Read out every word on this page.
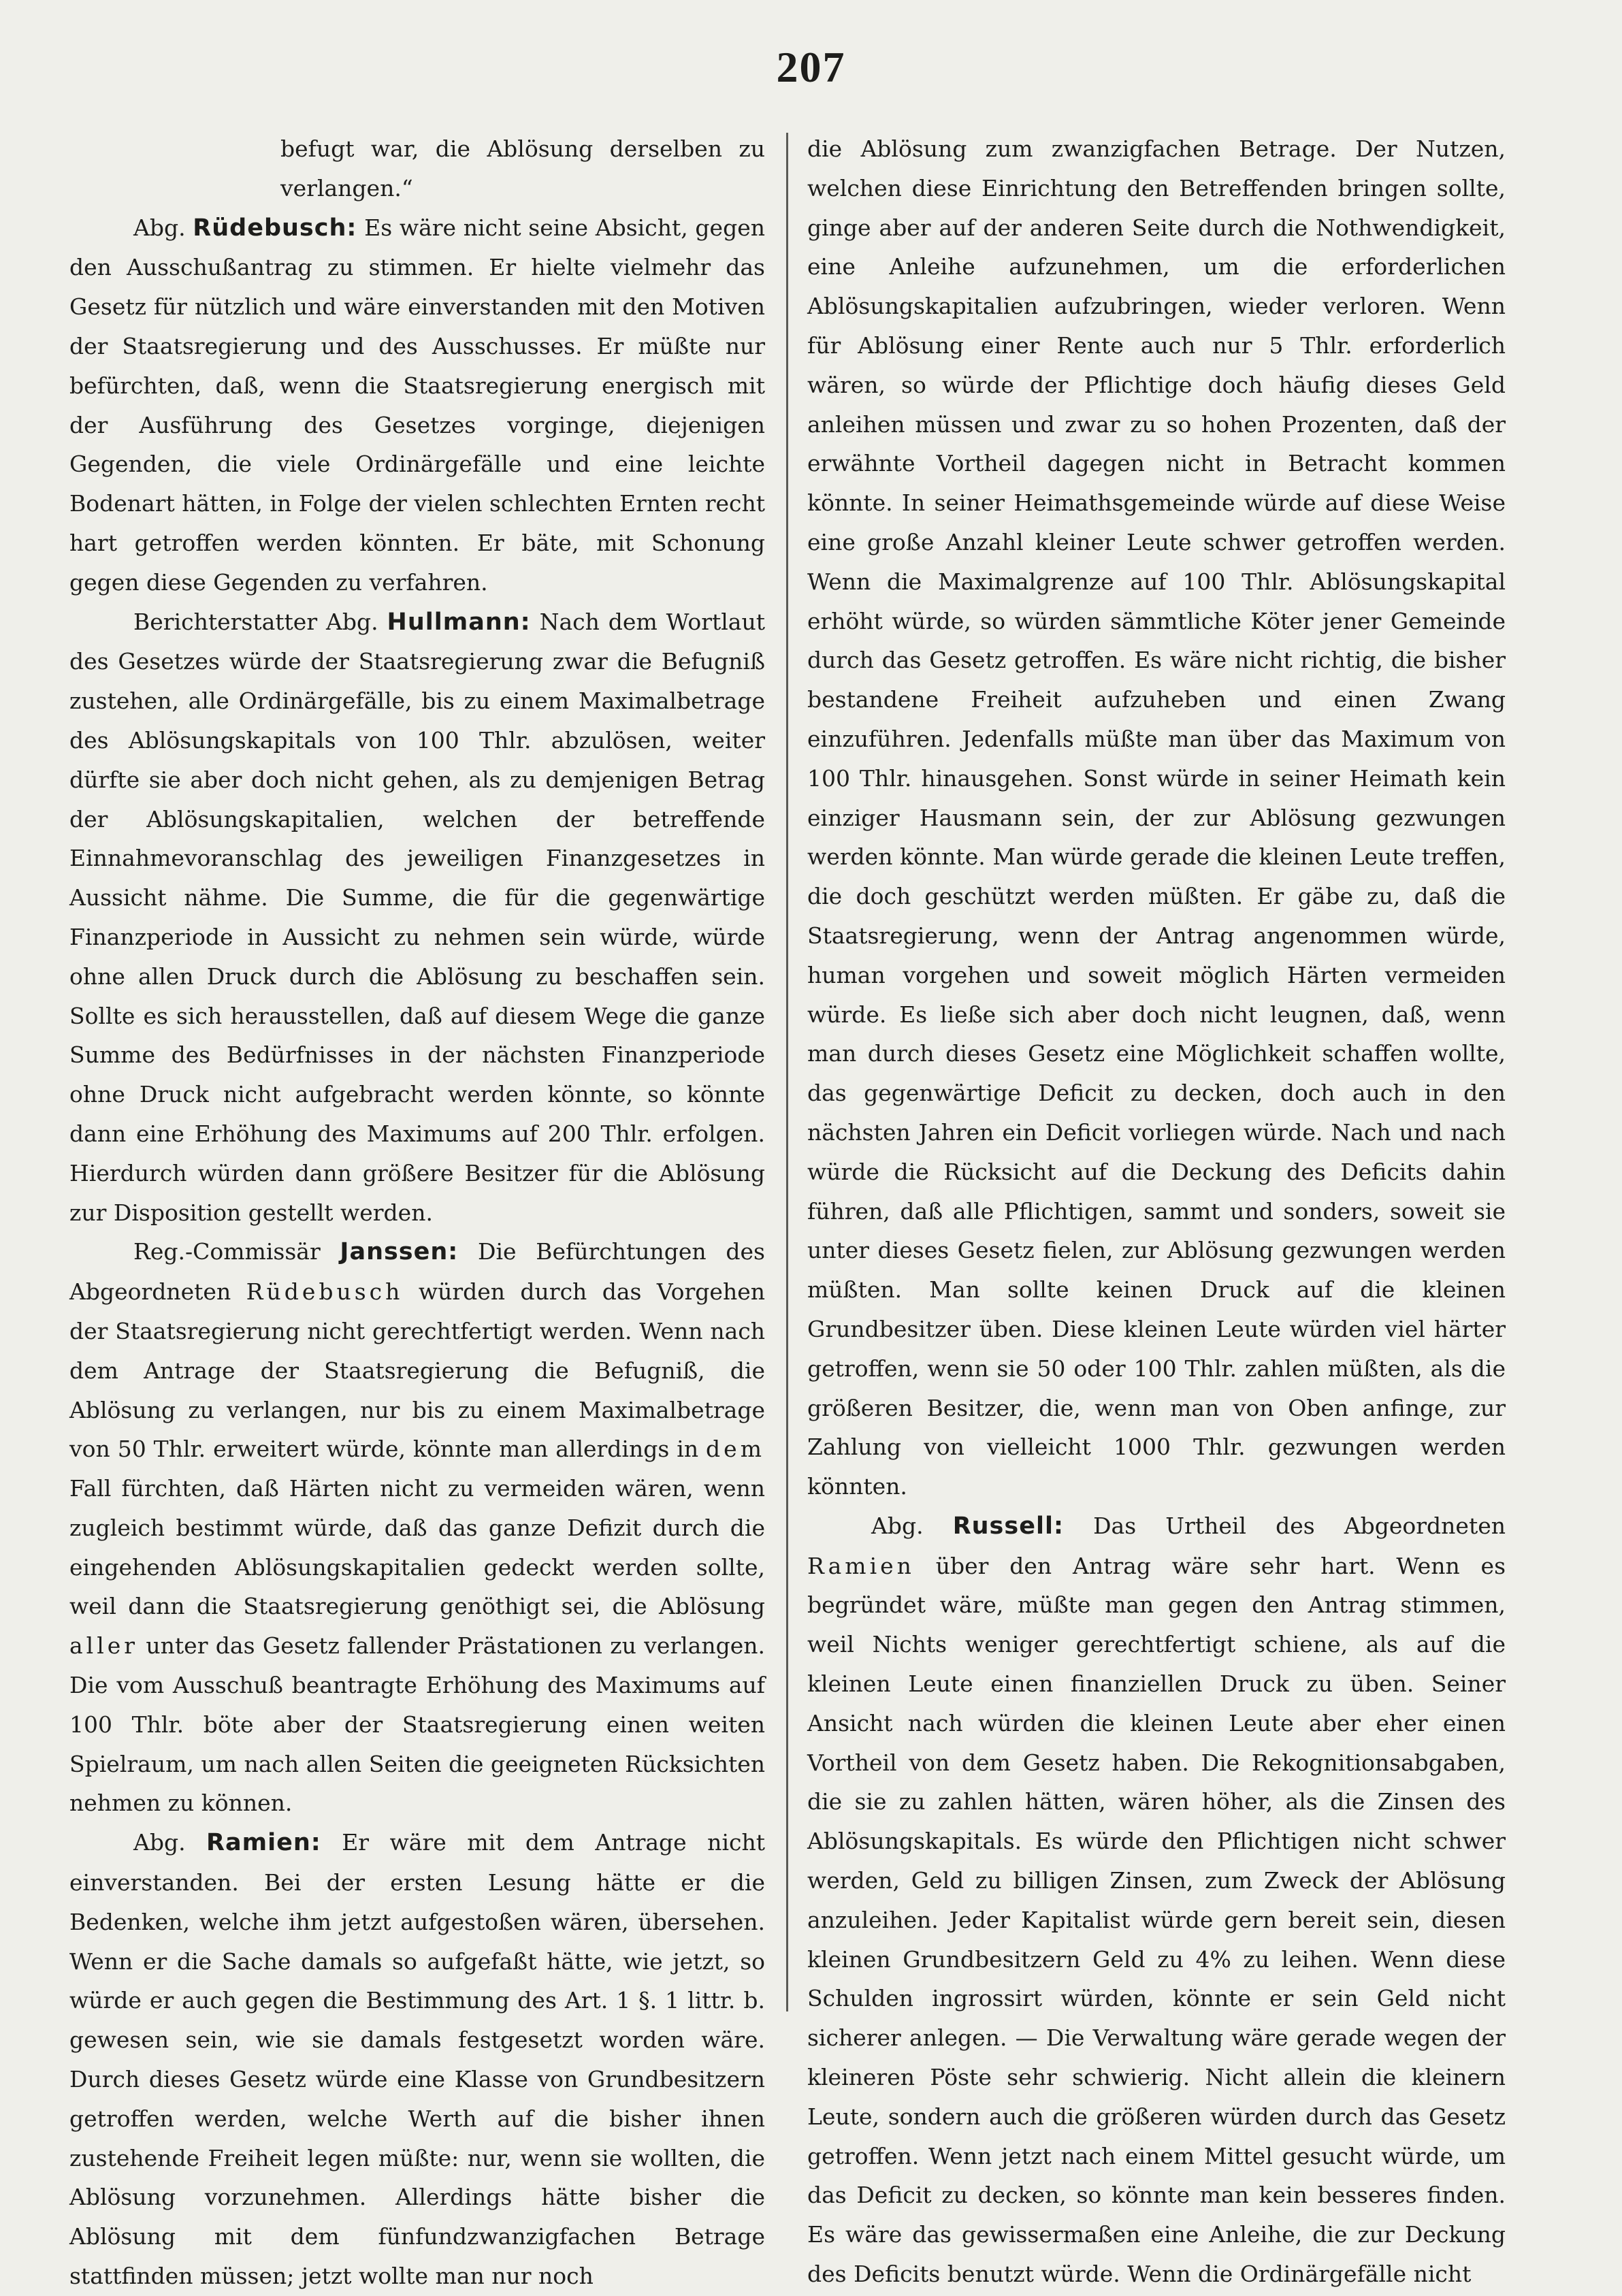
207

befugt war, die Ablösung derselben zu verlangen.“

Abg. Rüdebusch: Es wäre nicht seine Absicht, gegen den Ausschußantrag zu stimmen. Er hielte vielmehr das Gesetz für nützlich und wäre einverstanden mit den Motiven der Staatsregierung und des Ausschusses. Er müßte nur befürchten, daß, wenn die Staatsregierung energisch mit der Ausführung des Gesetzes vorginge, diejenigen Gegenden, die viele Ordinärgefälle und eine leichte Bodenart hätten, in Folge der vielen schlechten Ernten recht hart getroffen werden könnten. Er bäte, mit Schonung gegen diese Gegenden zu verfahren.

Berichterstatter Abg. Hullmann: Nach dem Wortlaut des Gesetzes würde der Staatsregierung zwar die Befugniß zustehen, alle Ordinärgefälle, bis zu einem Maximalbetrage des Ablösungskapitals von 100 Thlr. abzulösen, weiter dürfte sie aber doch nicht gehen, als zu demjenigen Betrag der Ablösungskapitalien, welchen der betreffende Einnahmevoranschlag des jeweiligen Finanzgesetzes in Aussicht nähme. Die Summe, die für die gegenwärtige Finanzperiode in Aussicht zu nehmen sein würde, würde ohne allen Druck durch die Ablösung zu beschaffen sein. Sollte es sich herausstellen, daß auf diesem Wege die ganze Summe des Bedürfnisses in der nächsten Finanzperiode ohne Druck nicht aufgebracht werden könnte, so könnte dann eine Erhöhung des Maximums auf 200 Thlr. erfolgen. Hierdurch würden dann größere Besitzer für die Ablösung zur Disposition gestellt werden.

Reg.-Commissär Janssen: Die Befürchtungen des Abgeordneten Rüdebusch würden durch das Vorgehen der Staatsregierung nicht gerechtfertigt werden. Wenn nach dem Antrage der Staatsregierung die Befugniß, die Ablösung zu verlangen, nur bis zu einem Maximalbetrage von 50 Thlr. erweitert würde, könnte man allerdings in dem Fall fürchten, daß Härten nicht zu vermeiden wären, wenn zugleich bestimmt würde, daß das ganze Defizit durch die eingehenden Ablösungskapitalien gedeckt werden sollte, weil dann die Staatsregierung genöthigt sei, die Ablösung aller unter das Gesetz fallender Prästationen zu verlangen. Die vom Ausschuß beantragte Erhöhung des Maximums auf 100 Thlr. böte aber der Staatsregierung einen weiten Spielraum, um nach allen Seiten die geeigneten Rücksichten nehmen zu können.

Abg. Ramien: Er wäre mit dem Antrage nicht einverstanden. Bei der ersten Lesung hätte er die Bedenken, welche ihm jetzt aufgestoßen wären, übersehen. Wenn er die Sache damals so aufgefaßt hätte, wie jetzt, so würde er auch gegen die Bestimmung des Art. 1 §. 1 littr. b. gewesen sein, wie sie damals festgesetzt worden wäre. Durch dieses Gesetz würde eine Klasse von Grundbesitzern getroffen werden, welche Werth auf die bisher ihnen zustehende Freiheit legen müßte: nur, wenn sie wollten, die Ablösung vorzunehmen. Allerdings hätte bisher die Ablösung mit dem fünfundzwanzigfachen Betrage stattfinden müssen; jetzt wollte man nur noch

die Ablösung zum zwanzigfachen Betrage. Der Nutzen, welchen diese Einrichtung den Betreffenden bringen sollte, ginge aber auf der anderen Seite durch die Nothwendigkeit, eine Anleihe aufzunehmen, um die erforderlichen Ablösungskapitalien aufzubringen, wieder verloren. Wenn für Ablösung einer Rente auch nur 5 Thlr. erforderlich wären, so würde der Pflichtige doch häufig dieses Geld anleihen müssen und zwar zu so hohen Prozenten, daß der erwähnte Vortheil dagegen nicht in Betracht kommen könnte. In seiner Heimathsgemeinde würde auf diese Weise eine große Anzahl kleiner Leute schwer getroffen werden. Wenn die Maximalgrenze auf 100 Thlr. Ablösungskapital erhöht würde, so würden sämmtliche Köter jener Gemeinde durch das Gesetz getroffen. Es wäre nicht richtig, die bisher bestandene Freiheit aufzuheben und einen Zwang einzuführen. Jedenfalls müßte man über das Maximum von 100 Thlr. hinausgehen. Sonst würde in seiner Heimath kein einziger Hausmann sein, der zur Ablösung gezwungen werden könnte. Man würde gerade die kleinen Leute treffen, die doch geschützt werden müßten. Er gäbe zu, daß die Staatsregierung, wenn der Antrag angenommen würde, human vorgehen und soweit möglich Härten vermeiden würde. Es ließe sich aber doch nicht leugnen, daß, wenn man durch dieses Gesetz eine Möglichkeit schaffen wollte, das gegenwärtige Deficit zu decken, doch auch in den nächsten Jahren ein Deficit vorliegen würde. Nach und nach würde die Rücksicht auf die Deckung des Deficits dahin führen, daß alle Pflichtigen, sammt und sonders, soweit sie unter dieses Gesetz fielen, zur Ablösung gezwungen werden müßten. Man sollte keinen Druck auf die kleinen Grundbesitzer üben. Diese kleinen Leute würden viel härter getroffen, wenn sie 50 oder 100 Thlr. zahlen müßten, als die größeren Besitzer, die, wenn man von Oben anfinge, zur Zahlung von vielleicht 1000 Thlr. gezwungen werden könnten.

Abg. Russell: Das Urtheil des Abgeordneten Ramien über den Antrag wäre sehr hart. Wenn es begründet wäre, müßte man gegen den Antrag stimmen, weil Nichts weniger gerechtfertigt schiene, als auf die kleinen Leute einen finanziellen Druck zu üben. Seiner Ansicht nach würden die kleinen Leute aber eher einen Vortheil von dem Gesetz haben. Die Rekognitionsabgaben, die sie zu zahlen hätten, wären höher, als die Zinsen des Ablösungskapitals. Es würde den Pflichtigen nicht schwer werden, Geld zu billigen Zinsen, zum Zweck der Ablösung anzuleihen. Jeder Kapitalist würde gern bereit sein, diesen kleinen Grundbesitzern Geld zu 4% zu leihen. Wenn diese Schulden ingrossirt würden, könnte er sein Geld nicht sicherer anlegen. — Die Verwaltung wäre gerade wegen der kleineren Pöste sehr schwierig. Nicht allein die kleinern Leute, sondern auch die größeren würden durch das Gesetz getroffen. Wenn jetzt nach einem Mittel gesucht würde, um das Deficit zu decken, so könnte man kein besseres finden. Es wäre das gewissermaßen eine Anleihe, die zur Deckung des Deficits benutzt würde. Wenn die Ordinärgefälle nicht
